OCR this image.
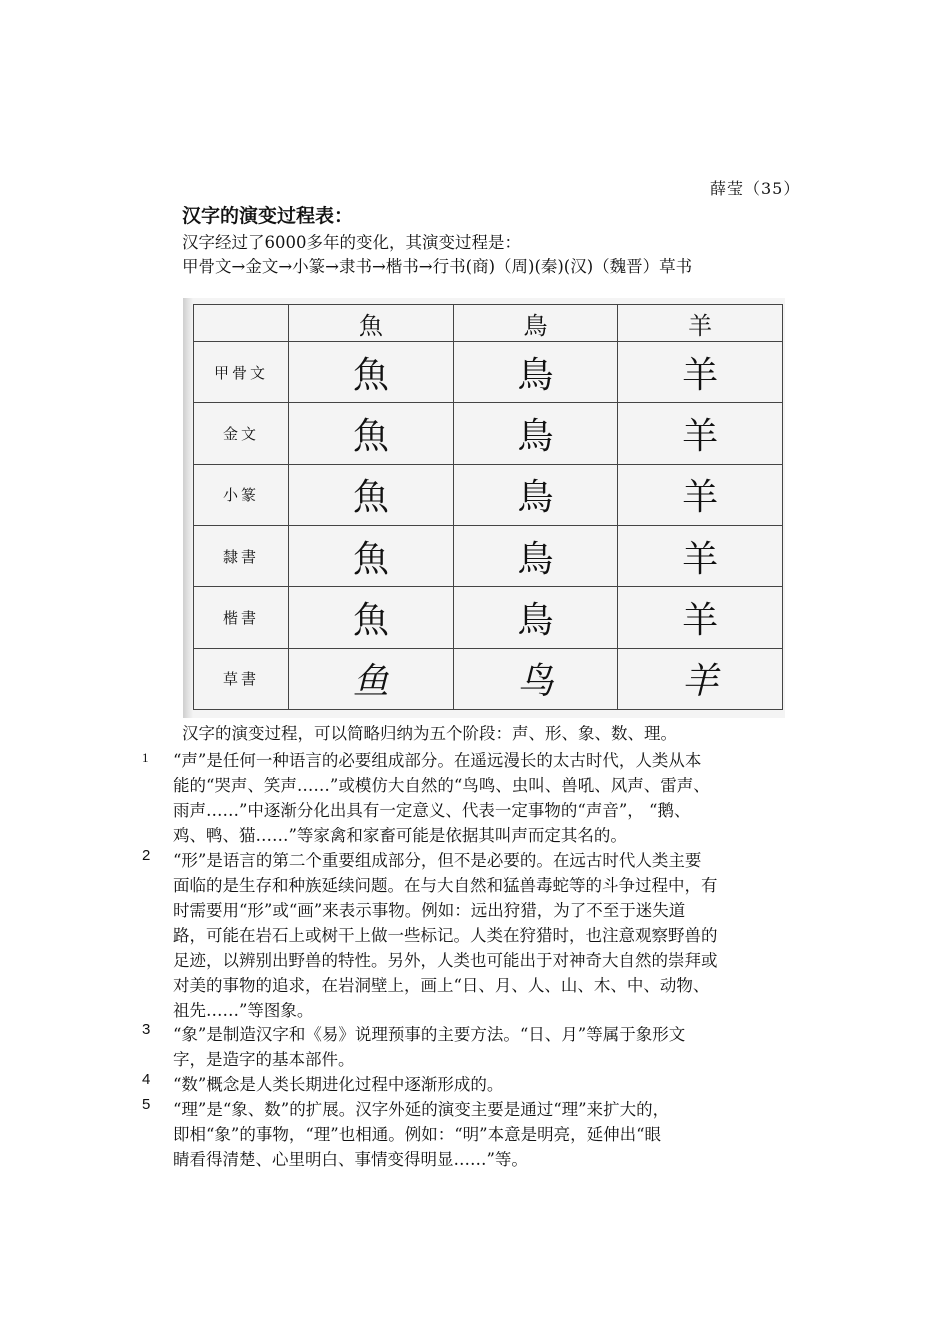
薛莹（35）
汉字的演变过程表：
汉字经过了6000多年的变化，其演变过程是：
甲骨文→金文→小篆→隶书→楷书→行书(商)（周)(秦)(汉)（魏晋）草书
	魚	鳥	羊
甲骨文	魚	鳥	羊
金文	魚	鳥	羊
小篆	魚	鳥	羊
隸書	魚	鳥	羊
楷書	魚	鳥	羊
草書	鱼	鸟	羊
汉字的演变过程，可以简略归纳为五个阶段：声、形、象、数、理。
1 “声”是任何一种语言的必要组成部分。在遥远漫长的太古时代，人类从本
能的“哭声、笑声……”或模仿大自然的“鸟鸣、虫叫、兽吼、风声、雷声、
雨声……”中逐渐分化出具有一定意义、代表一定事物的“声音”， “鹅、
鸡、鸭、猫……”等家禽和家畜可能是依据其叫声而定其名的。
2 “形”是语言的第二个重要组成部分，但不是必要的。在远古时代人类主要
面临的是生存和种族延续问题。在与大自然和猛兽毒蛇等的斗争过程中，有
时需要用“形”或“画”来表示事物。例如：远出狩猎，为了不至于迷失道
路，可能在岩石上或树干上做一些标记。人类在狩猎时，也注意观察野兽的
足迹，以辨别出野兽的特性。另外，人类也可能出于对神奇大自然的崇拜或
对美的事物的追求，在岩洞壁上，画上“日、月、人、山、木、中、动物、
祖先……”等图象。
3 “象”是制造汉字和《易》说理预事的主要方法。“日、月”等属于象形文
字，是造字的基本部件。
4 “数”概念是人类长期进化过程中逐渐形成的。
5 “理”是“象、数”的扩展。汉字外延的演变主要是通过“理”来扩大的，
即相“象”的事物，“理”也相通。例如：“明”本意是明亮，延伸出“眼
睛看得清楚、心里明白、事情变得明显……”等。
